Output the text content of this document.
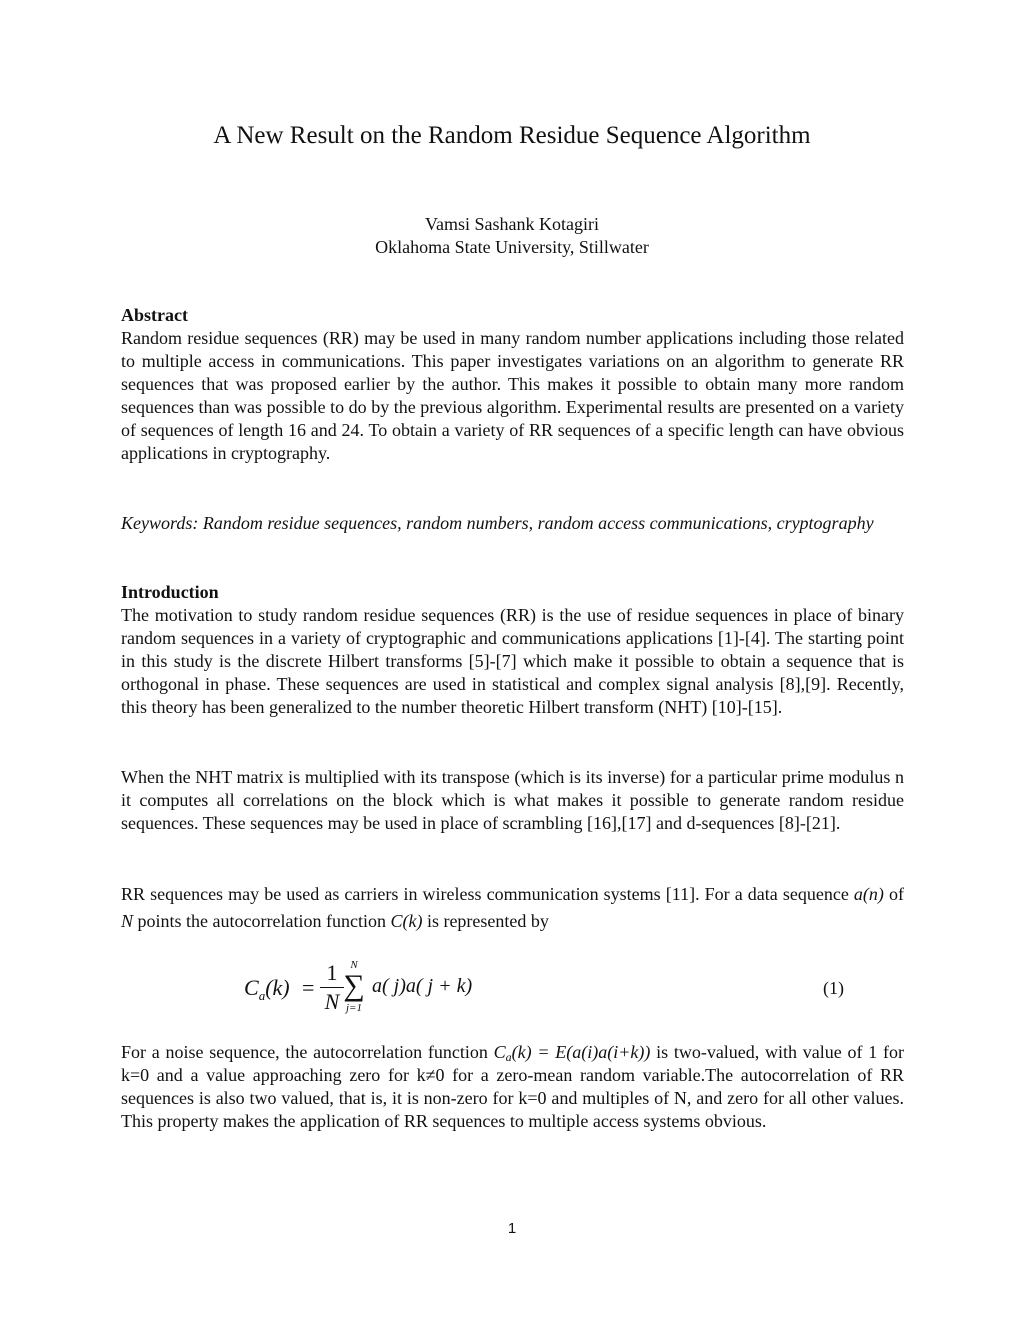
A New Result on the Random Residue Sequence Algorithm
Vamsi Sashank Kotagiri
Oklahoma State University, Stillwater
Abstract

Random residue sequences (RR) may be used in many random number applications including those related to multiple access in communications. This paper investigates variations on an algorithm to generate RR sequences that was proposed earlier by the author. This makes it possible to obtain many more random sequences than was possible to do by the previous algorithm. Experimental results are presented on a variety of sequences of length 16 and 24. To obtain a variety of RR sequences of a specific length can have obvious applications in cryptography.

Keywords: Random residue sequences, random numbers, random access communications, cryptography

Introduction

The motivation to study random residue sequences (RR) is the use of residue sequences in place of binary random sequences in a variety of cryptographic and communications applications [1]-[4]. The starting point in this study is the discrete Hilbert transforms [5]-[7] which make it possible to obtain a sequence that is orthogonal in phase. These sequences are used in statistical and complex signal analysis [8],[9]. Recently, this theory has been generalized to the number theoretic Hilbert transform (NHT) [10]-[15].

When the NHT matrix is multiplied with its transpose (which is its inverse) for a particular prime modulus n it computes all correlations on the block which is what makes it possible to generate random residue sequences. These sequences may be used in place of scrambling [16],[17] and d-sequences [8]-[21].

RR sequences may be used as carriers in wireless communication systems [11]. For a data sequence a(n) of N points the autocorrelation function C(k) is represented by

$C_a(k)$ =
1
N
N
∑
j=1
a( j)a( j + k)	(1)

For a noise sequence, the autocorrelation function $C_a(k) = E(a(i)a(i+k))$ is two-valued, with value of 1 for k=0 and a value approaching zero for k≠0 for a zero-mean random variable.The autocorrelation of RR sequences is also two valued, that is, it is non-zero for k=0 and multiples of N, and zero for all other values. This property makes the application of RR sequences to multiple access systems obvious.

1
